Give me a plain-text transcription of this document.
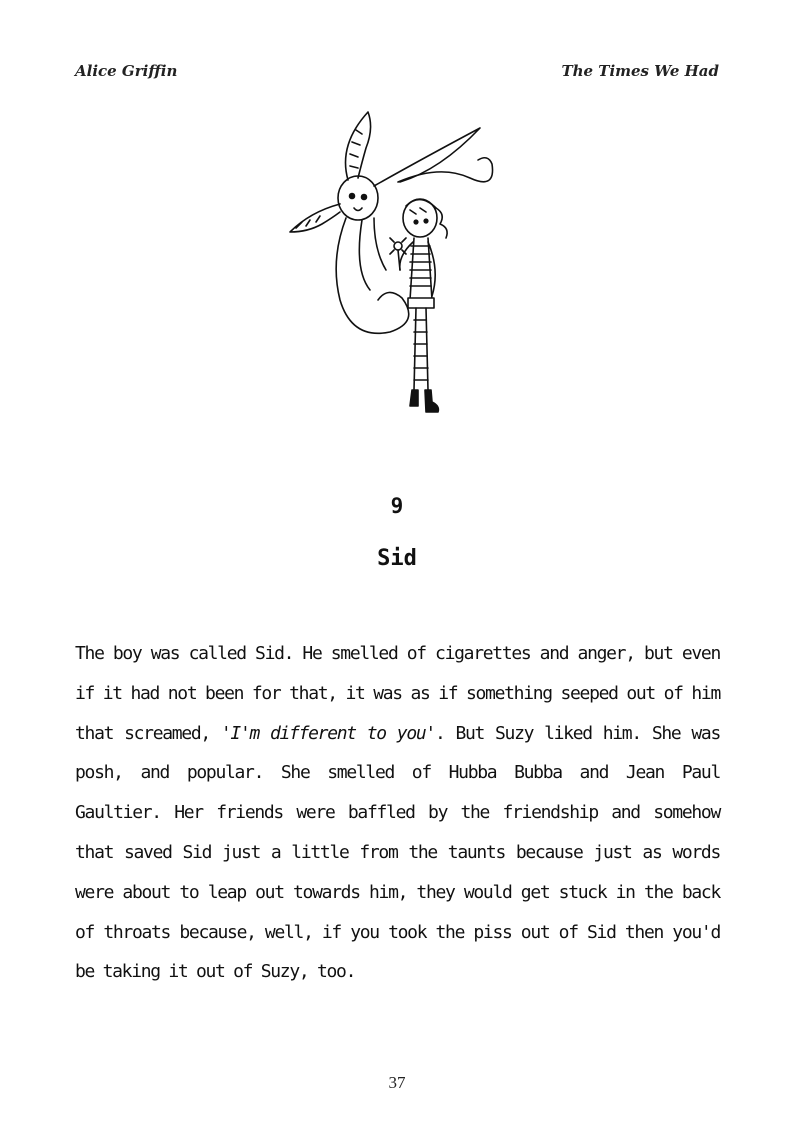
Alice Griffin	The Times We Had
9
Sid

The boy was called Sid. He smelled of cigarettes and anger, but even if it had not been for that, it was as if something seeped out of him that screamed, 'I'm different to you'. But Suzy liked him. She was posh, and popular. She smelled of Hubba Bubba and Jean Paul Gaultier. Her friends were baffled by the friendship and somehow that saved Sid just a little from the taunts because just as words were about to leap out towards him, they would get stuck in the back of throats because, well, if you took the piss out of Sid then you'd be taking it out of Suzy, too.

37
